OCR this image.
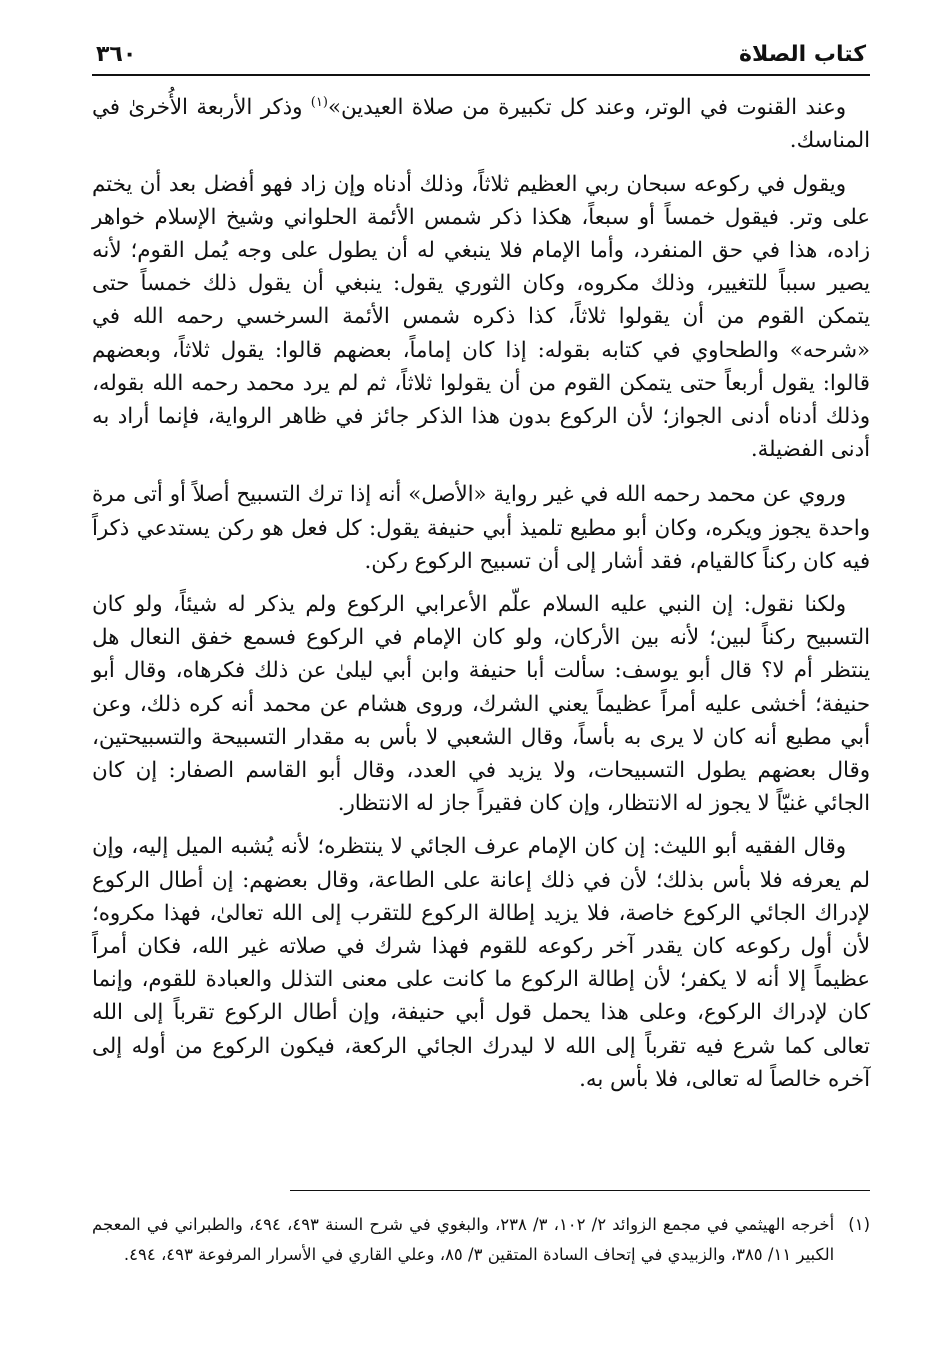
كتاب الصلاة
٣٦٠

وعند القنوت في الوتر، وعند كل تكبيرة من صلاة العيدين»$^{(١)}$ وذكر الأربعة الأُخرىٰ في المناسك.

ويقول في ركوعه سبحان ربي العظيم ثلاثاً، وذلك أدناه وإن زاد فهو أفضل بعد أن يختم على وتر. فيقول خمساً أو سبعاً، هكذا ذكر شمس الأئمة الحلواني وشيخ الإسلام خواهر زاده، هذا في حق المنفرد، وأما الإمام فلا ينبغي له أن يطول على وجه يُمل القوم؛ لأنه يصير سبباً للتغيير، وذلك مكروه، وكان الثوري يقول: ينبغي أن يقول ذلك خمساً حتى يتمكن القوم من أن يقولوا ثلاثاً، كذا ذكره شمس الأئمة السرخسي رحمه الله في «شرحه» والطحاوي في كتابه بقوله: إذا كان إماماً، بعضهم قالوا: يقول ثلاثاً، وبعضهم قالوا: يقول أربعاً حتى يتمكن القوم من أن يقولوا ثلاثاً، ثم لم يرد محمد رحمه الله بقوله، وذلك أدناه أدنى الجواز؛ لأن الركوع بدون هذا الذكر جائز في ظاهر الرواية، فإنما أراد به أدنى الفضيلة.

وروي عن محمد رحمه الله في غير رواية «الأصل» أنه إذا ترك التسبيح أصلاً أو أتى مرة واحدة يجوز ويكره، وكان أبو مطيع تلميذ أبي حنيفة يقول: كل فعل هو ركن يستدعي ذكراً فيه كان ركناً كالقيام، فقد أشار إلى أن تسبيح الركوع ركن.

ولكنا نقول: إن النبي عليه السلام علّم الأعرابي الركوع ولم يذكر له شيئاً، ولو كان التسبيح ركناً لبين؛ لأنه بين الأركان، ولو كان الإمام في الركوع فسمع خفق النعال هل ينتظر أم لا؟ قال أبو يوسف: سألت أبا حنيفة وابن أبي ليلىٰ عن ذلك فكرهاه، وقال أبو حنيفة؛ أخشى عليه أمراً عظيماً يعني الشرك، وروى هشام عن محمد أنه كره ذلك، وعن أبي مطيع أنه كان لا يرى به بأساً، وقال الشعبي لا بأس به مقدار التسبيحة والتسبيحتين، وقال بعضهم يطول التسبيحات، ولا يزيد في العدد، وقال أبو القاسم الصفار: إن كان الجائي غنيّاً لا يجوز له الانتظار، وإن كان فقيراً جاز له الانتظار.

وقال الفقيه أبو الليث: إن كان الإمام عرف الجائي لا ينتظره؛ لأنه يُشبه الميل إليه، وإن لم يعرفه فلا بأس بذلك؛ لأن في ذلك إعانة على الطاعة، وقال بعضهم: إن أطال الركوع لإدراك الجائي الركوع خاصة، فلا يزيد إطالة الركوع للتقرب إلى الله تعالىٰ، فهذا مكروه؛ لأن أول ركوعه كان يقدر آخر ركوعه للقوم فهذا شرك في صلاته غير الله، فكان أمراً عظيماً إلا أنه لا يكفر؛ لأن إطالة الركوع ما كانت على معنى التذلل والعبادة للقوم، وإنما كان لإدراك الركوع، وعلى هذا يحمل قول أبي حنيفة، وإن أطال الركوع تقرباً إلى الله تعالى كما شرع فيه تقرباً إلى الله لا ليدرك الجائي الركعة، فيكون الركوع من أوله إلى آخره خالصاً له تعالى، فلا بأس به.

(١)
أخرجه الهيثمي في مجمع الزوائد ٢/ ١٠٢، ٣/ ٢٣٨، والبغوي في شرح السنة ٤٩٣، ٤٩٤، والطبراني في المعجم الكبير ١١/ ٣٨٥، والزبيدي في إتحاف السادة المتقين ٣/ ٨٥، وعلي القاري في الأسرار المرفوعة ٤٩٣، ٤٩٤.
